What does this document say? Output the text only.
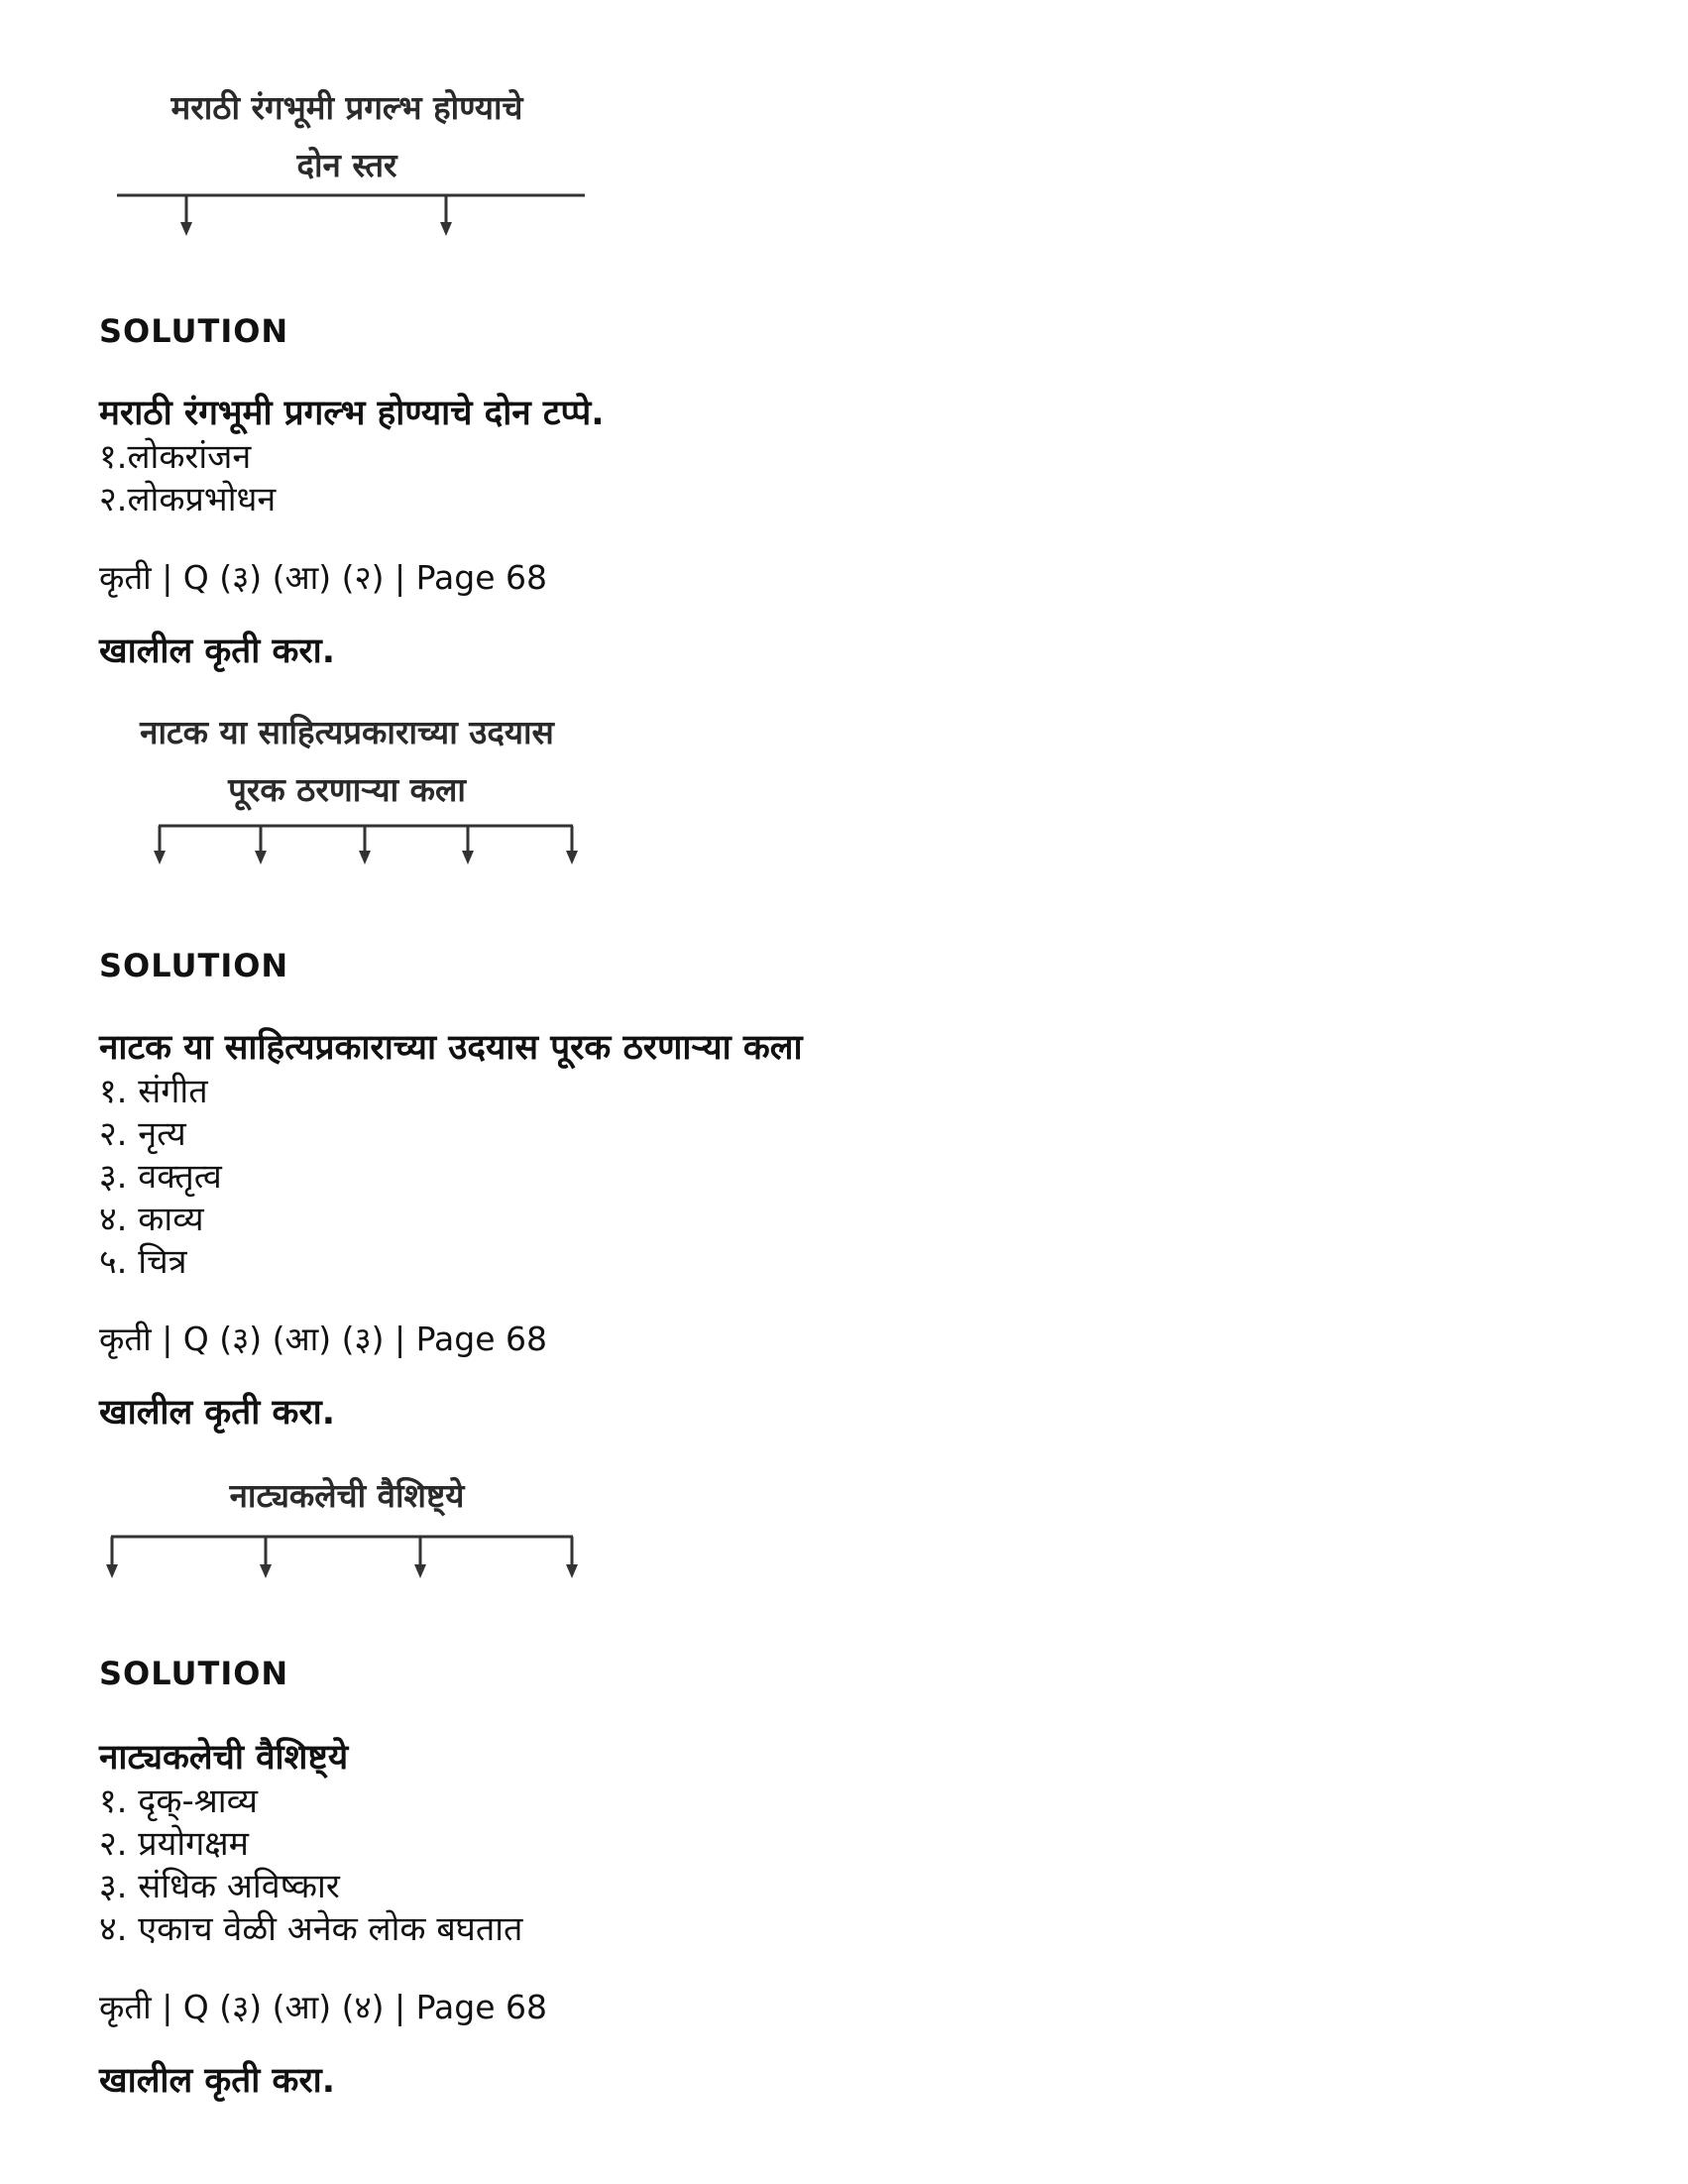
मराठी रंगभूमी प्रगल्भ होण्याचे
दोन स्तर
SOLUTION
मराठी रंगभूमी प्रगल्भ होण्याचे दोन टप्पे.
१.लोकरांजन
२.लोकप्रभोधन
कृती | Q (३) (आ) (२) | Page 68
खालील कृती करा.
नाटक या साहित्यप्रकाराच्या उदयास
पूरक ठरणाऱ्या कला
SOLUTION
नाटक या साहित्यप्रकाराच्या उदयास पूरक ठरणाऱ्या कला
१. संगीत
२. नृत्य
३. वक्तृत्व
४. काव्य
५. चित्र
कृती | Q (३) (आ) (३) | Page 68
खालील कृती करा.
नाट्यकलेची वैशिष्ट्ये
SOLUTION
नाट्यकलेची वैशिष्ट्ये
१. दृक्-श्राव्य
२. प्रयोगक्षम
३. संधिक अविष्कार
४. एकाच वेळी अनेक लोक बघतात
कृती | Q (३) (आ) (४) | Page 68
खालील कृती करा.
